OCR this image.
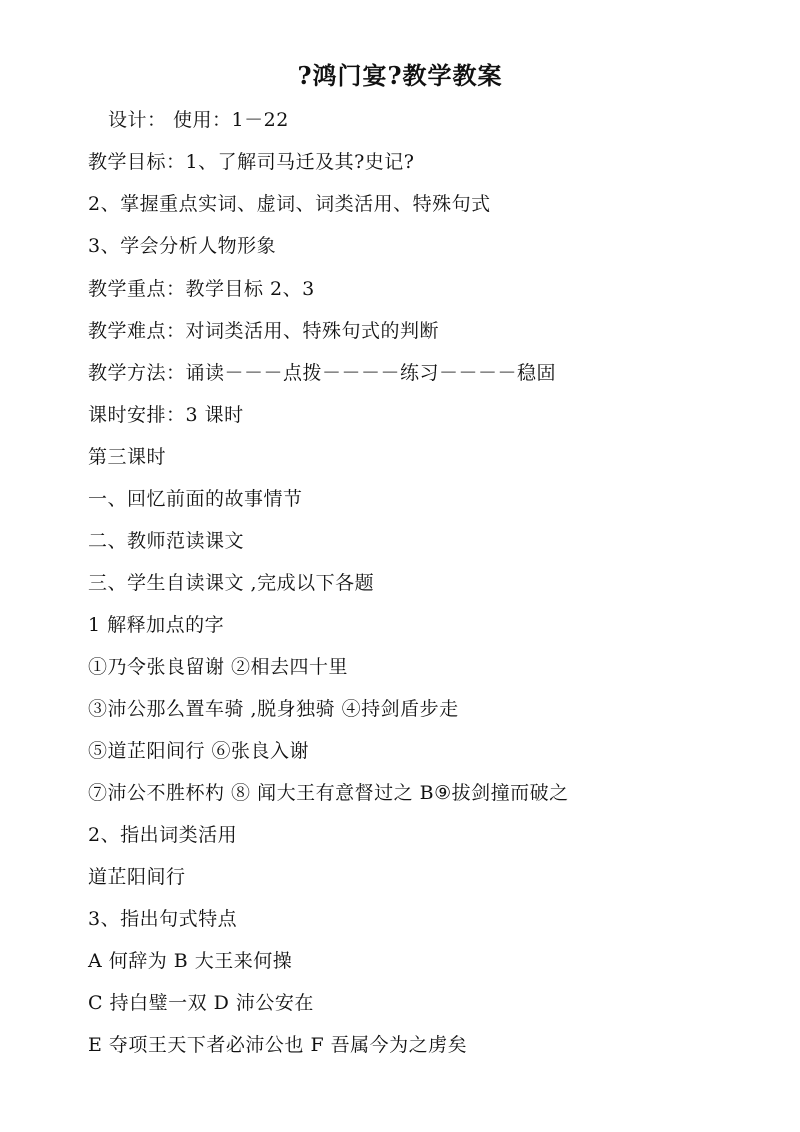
?鸿门宴?教学教案
设计： 使用：1－22
教学目标：1、了解司马迁及其?史记?
2、掌握重点实词、虚词、词类活用、特殊句式
3、学会分析人物形象
教学重点：教学目标 2、3
教学难点：对词类活用、特殊句式的判断
教学方法：诵读－－－点拨－－－－练习－－－－稳固
课时安排：3 课时
第三课时
一、回忆前面的故事情节
二、教师范读课文
三、学生自读课文 ,完成以下各题
1 解释加点的字
①乃令张良留谢 ②相去四十里
③沛公那么置车骑 ,脱身独骑 ④持剑盾步走
⑤道芷阳间行 ⑥张良入谢
⑦沛公不胜杯杓 ⑧ 闻大王有意督过之 B⑨拔剑撞而破之
2、指出词类活用
道芷阳间行
3、指出句式特点
A 何辞为 B 大王来何操
C 持白璧一双 D 沛公安在
E 夺项王天下者必沛公也 F 吾属今为之虏矣
